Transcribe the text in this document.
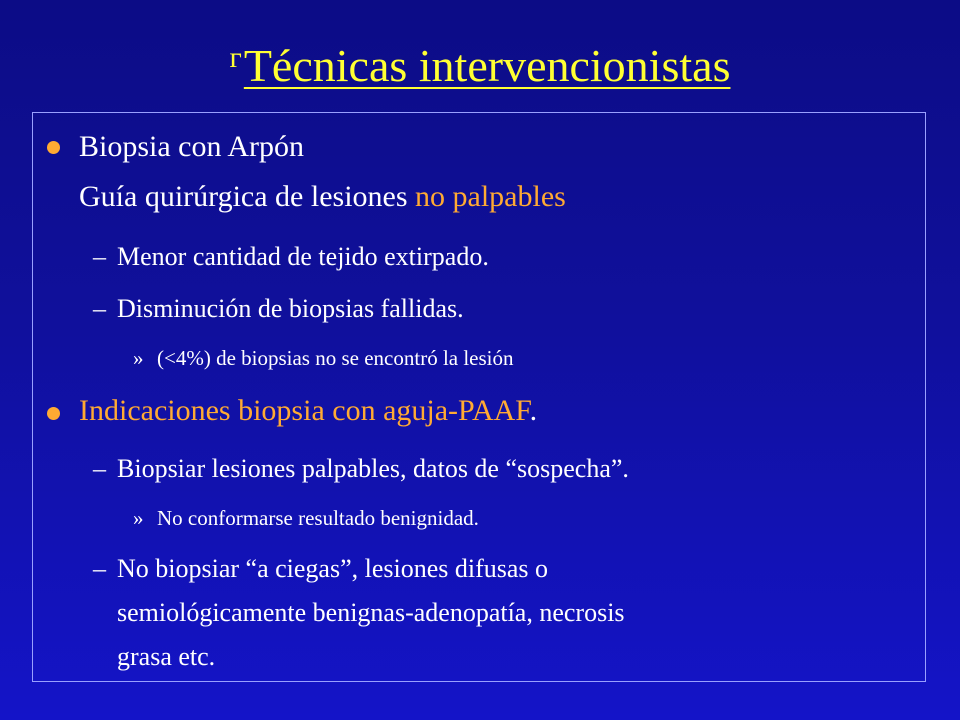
$^ᴦ$Técnicas intervencionistas
Biopsia con Arpón
Guía quirúrgica de lesiones no palpables
– Menor cantidad de tejido extirpado.
– Disminución de biopsias fallidas.
» (<4%) de biopsias no se encontró la lesión
Indicaciones biopsia con aguja-PAAF.
– Biopsiar lesiones palpables, datos de “sospecha”.
» No conformarse resultado benignidad.
– No biopsiar “a ciegas”, lesiones difusas o
semiológicamente benignas-adenopatía, necrosis
grasa etc.
